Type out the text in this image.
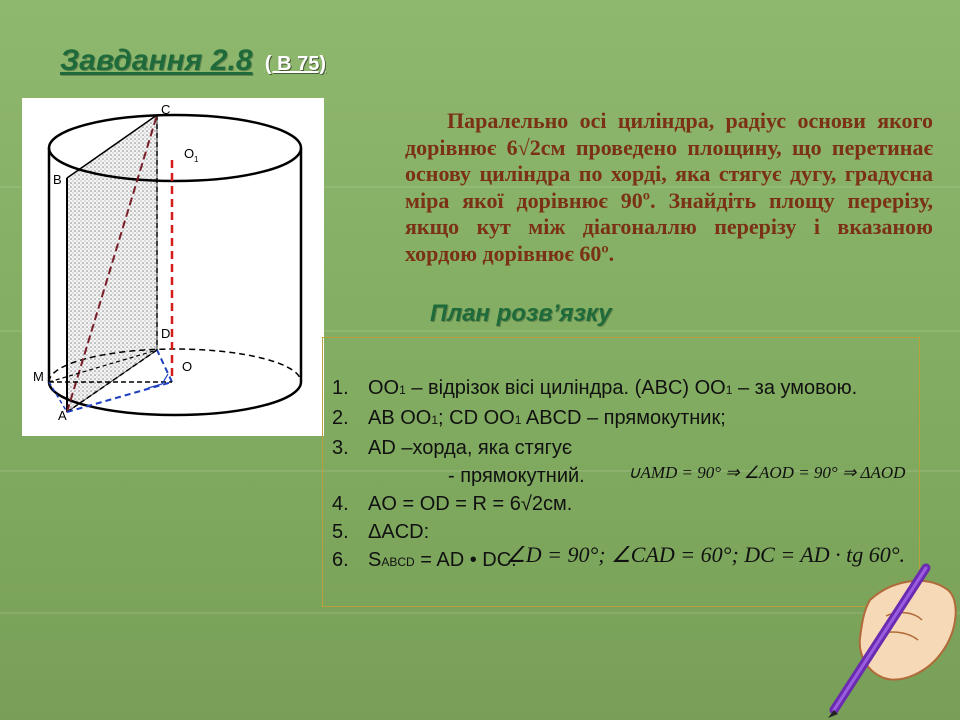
Завдання 2.8 ( В 75)
C
O 1
B
D
O
M
A

Паралельно осі циліндра, радіус основи якого дорівнює 6√2см проведено площину, що перетинає основу циліндра по хорді, яка стягує дугу, градусна міра якої дорівнює 90º. Знайдіть площу перерізу, якщо кут між діагоналлю перерізу і вказаною хордою дорівнює 60º.

План розв’язку
1. OO1 – відрізок вісі циліндра. (ABC) OO1 – за умовою.
2. AB OO1; CD OO1 ABCD – прямокутник;
3. AD –хорда, яка стягує
- прямокутний.
4. AO = OD = R = 6√2см.
5. ΔACD:
6. SABCD = AD • DC.
∪AMD = 90° ⇒ ∠AOD = 90° ⇒ ΔAOD
∠D = 90°; ∠CAD = 60°; DC = AD · tg 60°.
